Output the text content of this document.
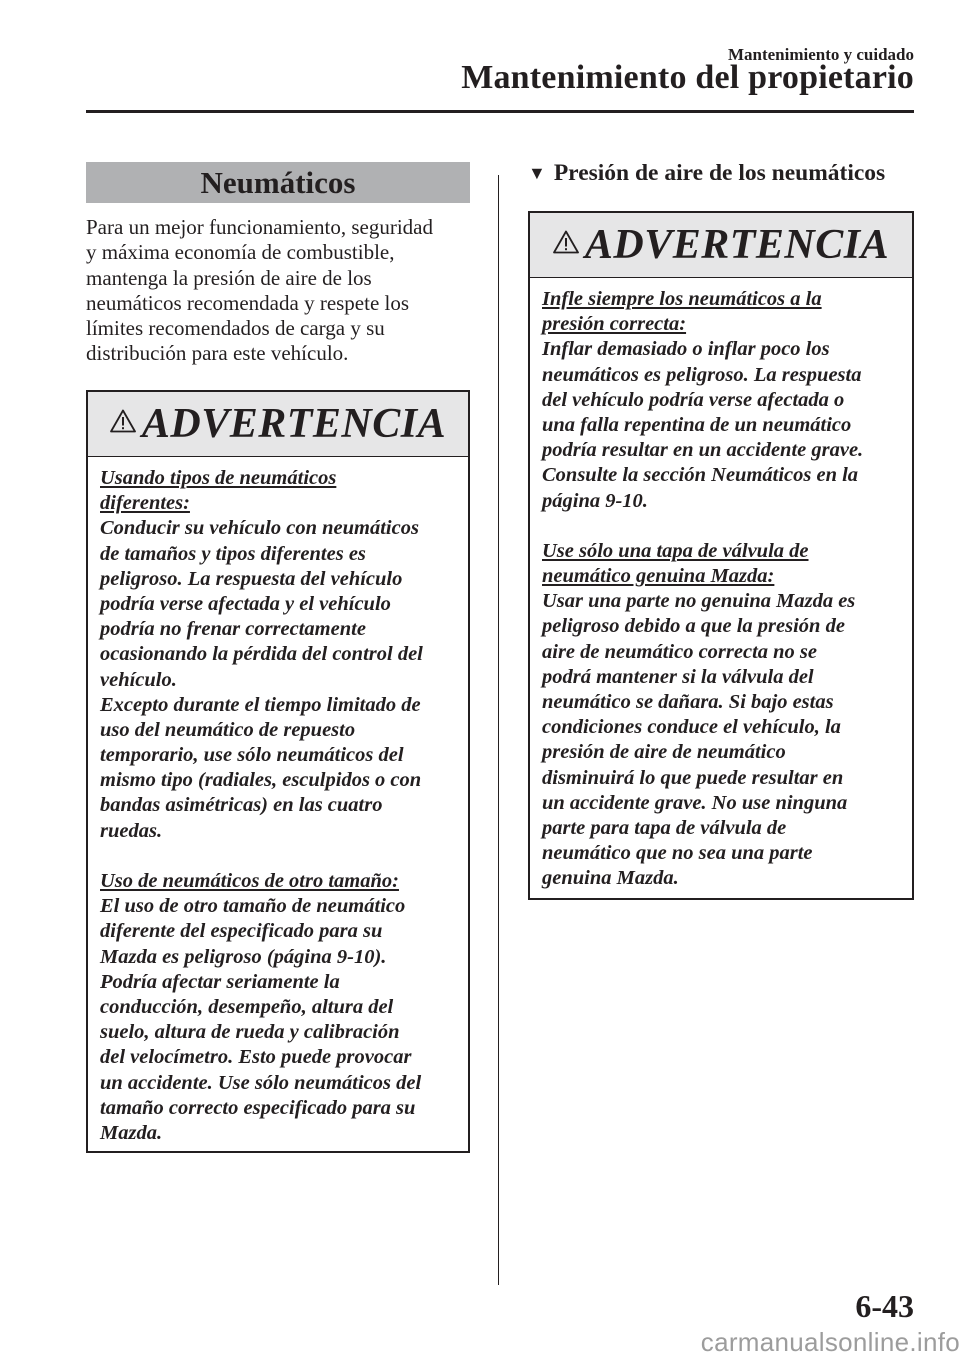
Mantenimiento y cuidado
Mantenimiento del propietario
Neumáticos
Para un mejor funcionamiento, seguridad
y máxima economía de combustible,
mantenga la presión de aire de los
neumáticos recomendada y respete los
límites recomendados de carga y su
distribución para este vehículo.
ADVERTENCIA
Usando tipos de neumáticos
diferentes:
Conducir su vehículo con neumáticos
de tamaños y tipos diferentes es
peligroso. La respuesta del vehículo
podría verse afectada y el vehículo
podría no frenar correctamente
ocasionando la pérdida del control del
vehículo.
Excepto durante el tiempo limitado de
uso del neumático de repuesto
temporario, use sólo neumáticos del
mismo tipo (radiales, esculpidos o con
bandas asimétricas) en las cuatro
ruedas.
Uso de neumáticos de otro tamaño:
El uso de otro tamaño de neumático
diferente del especificado para su
Mazda es peligroso (página 9-10).
Podría afectar seriamente la
conducción, desempeño, altura del
suelo, altura de rueda y calibración
del velocímetro. Esto puede provocar
un accidente. Use sólo neumáticos del
tamaño correcto especificado para su
Mazda.
▼ Presión de aire de los neumáticos
ADVERTENCIA
Infle siempre los neumáticos a la
presión correcta:
Inflar demasiado o inflar poco los
neumáticos es peligroso. La respuesta
del vehículo podría verse afectada o
una falla repentina de un neumático
podría resultar en un accidente grave.
Consulte la sección Neumáticos en la
página 9-10.
Use sólo una tapa de válvula de
neumático genuina Mazda:
Usar una parte no genuina Mazda es
peligroso debido a que la presión de
aire de neumático correcta no se
podrá mantener si la válvula del
neumático se dañara. Si bajo estas
condiciones conduce el vehículo, la
presión de aire de neumático
disminuirá lo que puede resultar en
un accidente grave. No use ninguna
parte para tapa de válvula de
neumático que no sea una parte
genuina Mazda.
6-43
carmanualsonline.info
